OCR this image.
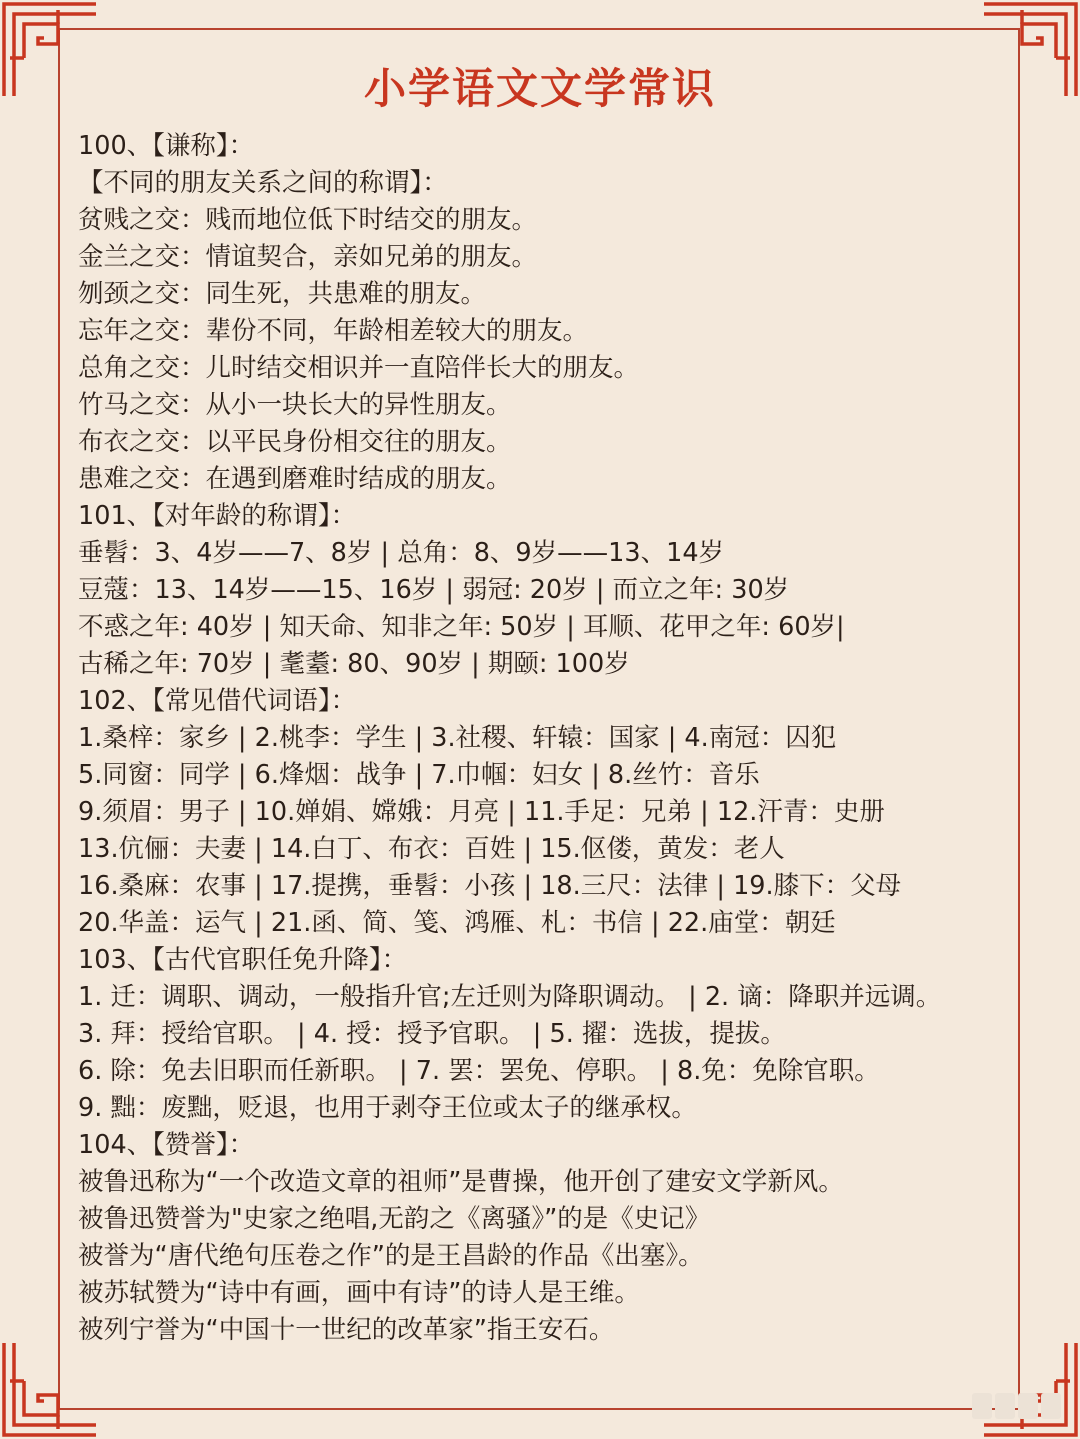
小学语文文学常识
100、【谦称】：
【不同的朋友关系之间的称谓】：
贫贱之交：贱而地位低下时结交的朋友。
金兰之交：情谊契合，亲如兄弟的朋友。
刎颈之交：同生死，共患难的朋友。
忘年之交：辈份不同，年龄相差较大的朋友。
总角之交：儿时结交相识并一直陪伴长大的朋友。
竹马之交：从小一块长大的异性朋友。
布衣之交：以平民身份相交往的朋友。
患难之交：在遇到磨难时结成的朋友。
101、【对年龄的称谓】：
垂髫：3、4岁——7、8岁 | 总角：8、9岁——13、14岁
豆蔻：13、14岁——15、16岁 | 弱冠: 20岁 | 而立之年: 30岁
不惑之年: 40岁 | 知天命、知非之年: 50岁 | 耳顺、花甲之年: 60岁|
古稀之年: 70岁 | 耄耋: 80、90岁 | 期颐: 100岁
102、【常见借代词语】：
1.桑梓：家乡 | 2.桃李：学生 | 3.社稷、轩辕：国家 | 4.南冠：囚犯
5.同窗：同学 | 6.烽烟：战争 | 7.巾帼：妇女 | 8.丝竹：音乐
9.须眉：男子 | 10.婵娟、嫦娥：月亮 | 11.手足：兄弟 | 12.汗青：史册
13.伉俪：夫妻 | 14.白丁、布衣：百姓 | 15.伛偻，黄发：老人
16.桑麻：农事 | 17.提携，垂髫：小孩 | 18.三尺：法律 | 19.膝下：父母
20.华盖：运气 | 21.函、简、笺、鸿雁、札：书信 | 22.庙堂：朝廷
103、【古代官职任免升降】：
1. 迁：调职、调动，一般指升官;左迁则为降职调动。 | 2. 谪：降职并远调。
3. 拜：授给官职。 | 4. 授：授予官职。 | 5. 擢：选拔，提拔。
6. 除：免去旧职而任新职。 | 7. 罢：罢免、停职。 | 8.免：免除官职。
9. 黜：废黜，贬退，也用于剥夺王位或太子的继承权。
104、【赞誉】：
被鲁迅称为“一个改造文章的祖师”是曹操，他开创了建安文学新风。
被鲁迅赞誉为"史家之绝唱,无韵之《离骚》”的是《史记》
被誉为“唐代绝句压卷之作”的是王昌龄的作品《出塞》。
被苏轼赞为“诗中有画，画中有诗”的诗人是王维。
被列宁誉为“中国十一世纪的改革家”指王安石。
